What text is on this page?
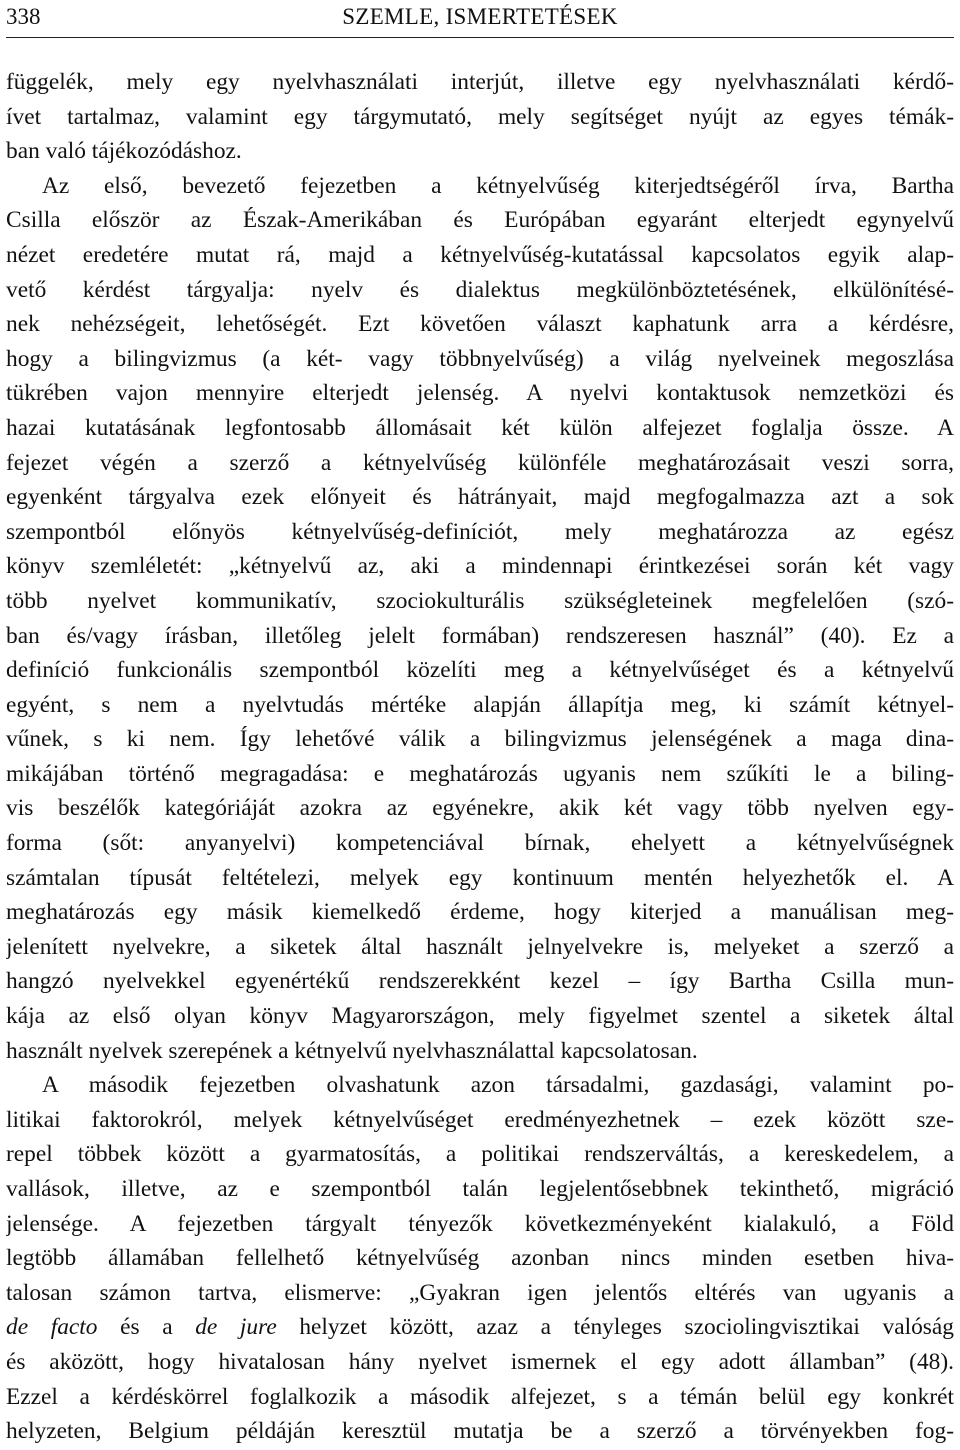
338	SZEMLE, ISMERTETÉSEK
függelék, mely egy nyelvhasználati interjút, illetve egy nyelvhasználati kérdő-
ívet tartalmaz, valamint egy tárgymutató, mely segítséget nyújt az egyes témák-
ban való tájékozódáshoz.
Az első, bevezető fejezetben a kétnyelvűség kiterjedtségéről írva, Bartha
Csilla először az Észak-Amerikában és Európában egyaránt elterjedt egynyelvű
nézet eredetére mutat rá, majd a kétnyelvűség-kutatással kapcsolatos egyik alap-
vető kérdést tárgyalja: nyelv és dialektus megkülönböztetésének, elkülönítésé-
nek nehézségeit, lehetőségét. Ezt követően választ kaphatunk arra a kérdésre,
hogy a bilingvizmus (a két- vagy többnyelvűség) a világ nyelveinek megoszlása
tükrében vajon mennyire elterjedt jelenség. A nyelvi kontaktusok nemzetközi és
hazai kutatásának legfontosabb állomásait két külön alfejezet foglalja össze. A
fejezet végén a szerző a kétnyelvűség különféle meghatározásait veszi sorra,
egyenként tárgyalva ezek előnyeit és hátrányait, majd megfogalmazza azt a sok
szempontból előnyös kétnyelvűség-definíciót, mely meghatározza az egész
könyv szemléletét: „kétnyelvű az, aki a mindennapi érintkezései során két vagy
több nyelvet kommunikatív, szociokulturális szükségleteinek megfelelően (szó-
ban és/vagy írásban, illetőleg jelelt formában) rendszeresen használ” (40). Ez a
definíció funkcionális szempontból közelíti meg a kétnyelvűséget és a kétnyelvű
egyént, s nem a nyelvtudás mértéke alapján állapítja meg, ki számít kétnyel-
vűnek, s ki nem. Így lehetővé válik a bilingvizmus jelenségének a maga dina-
mikájában történő megragadása: e meghatározás ugyanis nem szűkíti le a biling-
vis beszélők kategóriáját azokra az egyénekre, akik két vagy több nyelven egy-
forma (sőt: anyanyelvi) kompetenciával bírnak, ehelyett a kétnyelvűségnek
számtalan típusát feltételezi, melyek egy kontinuum mentén helyezhetők el. A
meghatározás egy másik kiemelkedő érdeme, hogy kiterjed a manuálisan meg-
jelenített nyelvekre, a siketek által használt jelnyelvekre is, melyeket a szerző a
hangzó nyelvekkel egyenértékű rendszerekként kezel – így Bartha Csilla mun-
kája az első olyan könyv Magyarországon, mely figyelmet szentel a siketek által
használt nyelvek szerepének a kétnyelvű nyelvhasználattal kapcsolatosan.
A második fejezetben olvashatunk azon társadalmi, gazdasági, valamint po-
litikai faktorokról, melyek kétnyelvűséget eredményezhetnek – ezek között sze-
repel többek között a gyarmatosítás, a politikai rendszerváltás, a kereskedelem, a
vallások, illetve, az e szempontból talán legjelentősebbnek tekinthető, migráció
jelensége. A fejezetben tárgyalt tényezők következményeként kialakuló, a Föld
legtöbb államában fellelhető kétnyelvűség azonban nincs minden esetben hiva-
talosan számon tartva, elismerve: „Gyakran igen jelentős eltérés van ugyanis a
de facto és a de jure helyzet között, azaz a tényleges szociolingvisztikai valóság
és aközött, hogy hivatalosan hány nyelvet ismernek el egy adott államban” (48).
Ezzel a kérdéskörrel foglalkozik a második alfejezet, s a témán belül egy konkrét
helyzeten, Belgium példáján keresztül mutatja be a szerző a törvényekben fog-
